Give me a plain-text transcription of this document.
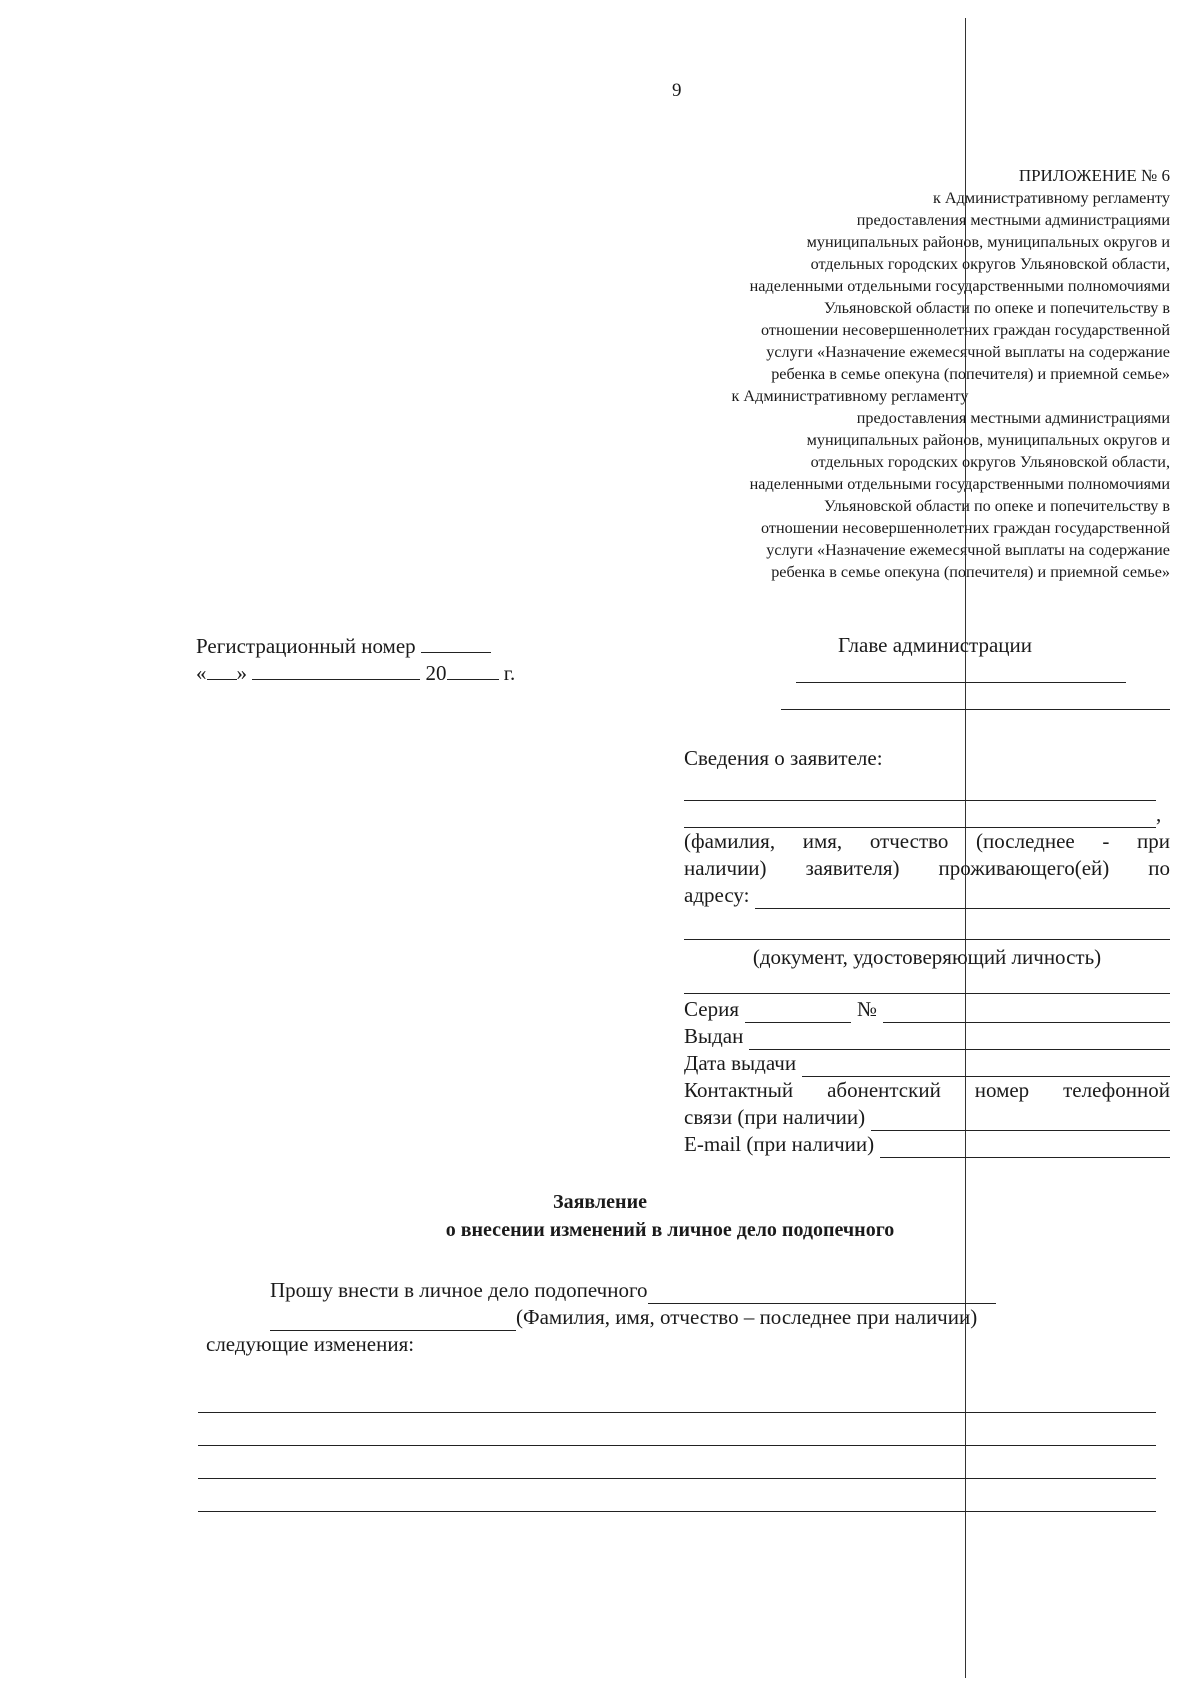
9
ПРИЛОЖЕНИЕ № 6
к Административному регламенту
предоставления местными администрациями
муниципальных районов, муниципальных округов и
отдельных городских округов Ульяновской области,
наделенными отдельными государственными полномочиями
Ульяновской области по опеке и попечительству в
отношении несовершеннолетних граждан государственной
услуги «Назначение ежемесячной выплаты на содержание
ребенка в семье опекуна (попечителя) и приемной семье»
к Административному регламенту
предоставления местными администрациями
муниципальных районов, муниципальных округов и
отдельных городских округов Ульяновской области,
наделенными отдельными государственными полномочиями
Ульяновской области по опеке и попечительству в
отношении несовершеннолетних граждан государственной
услуги «Назначение ежемесячной выплаты на содержание
ребенка в семье опекуна (попечителя) и приемной семье»
Регистрационный номер
« »	20	г.
Главе администрации
Сведения о заявителе:
,
(фамилия, имя, отчество (последнее - при
наличии) заявителя) проживающего(ей) по
адресу:
(документ, удостоверяющий личность)
Серия	№
Выдан
Дата выдачи
Контактный абонентский номер телефонной
связи (при наличии)
E-mail (при наличии)
Заявление
о внесении изменений в личное дело подопечного
Прошу внести в личное дело подопечного
(Фамилия, имя, отчество – последнее при наличии)
следующие изменения:
